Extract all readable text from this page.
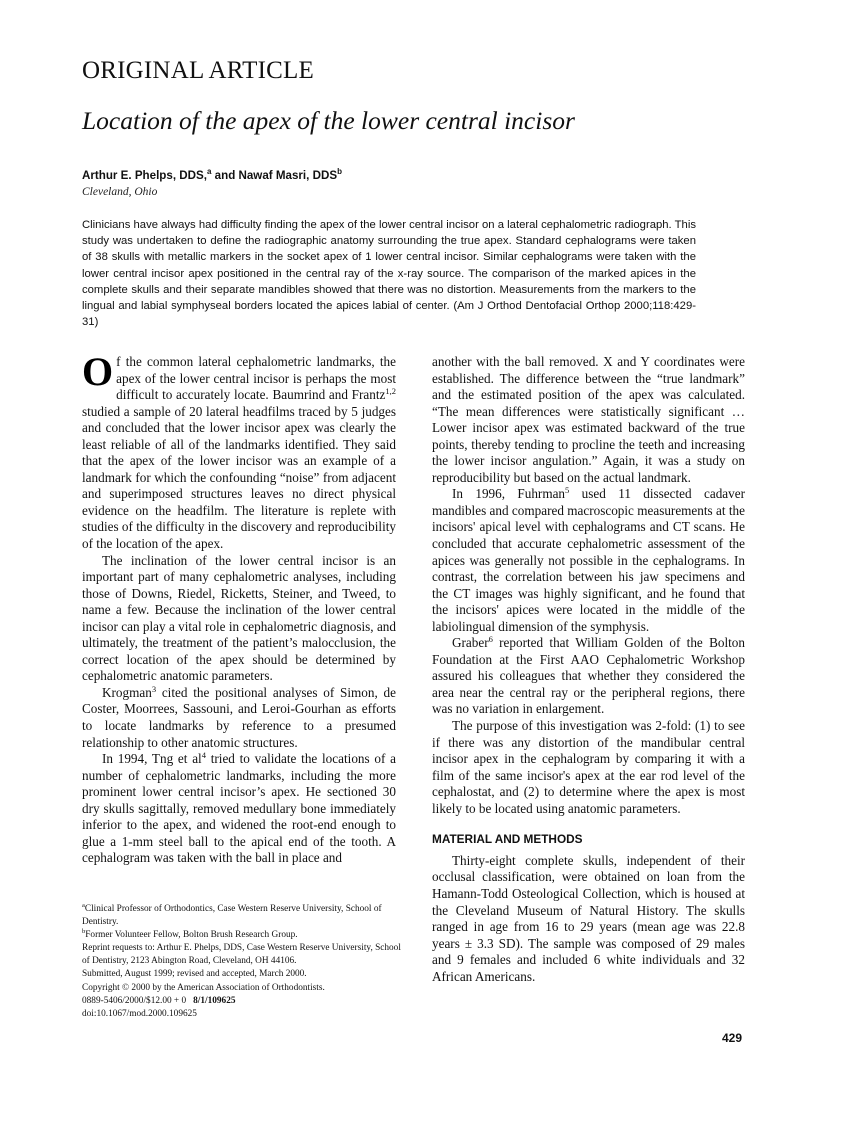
ORIGINAL ARTICLE
Location of the apex of the lower central incisor
Arthur E. Phelps, DDS,$^a$ and Nawaf Masri, DDS$^b$
Cleveland, Ohio
Clinicians have always had difficulty finding the apex of the lower central incisor on a lateral cephalometric radiograph. This study was undertaken to define the radiographic anatomy surrounding the true apex. Standard cephalograms were taken of 38 skulls with metallic markers in the socket apex of 1 lower central incisor. Similar cephalograms were taken with the lower central incisor apex positioned in the central ray of the x-ray source. The comparison of the marked apices in the complete skulls and their separate mandibles showed that there was no distortion. Measurements from the markers to the lingual and labial symphyseal borders located the apices labial of center. (Am J Orthod Dentofacial Orthop 2000;118:429-31)

Of the common lateral cephalometric landmarks, the apex of the lower central incisor is perhaps the most difficult to accurately locate. Baumrind and Frantz$^{1,2}$ studied a sample of 20 lateral headfilms traced by 5 judges and concluded that the lower incisor apex was clearly the least reliable of all of the landmarks identified. They said that the apex of the lower incisor was an example of a landmark for which the confounding “noise” from adjacent and superimposed structures leaves no direct physical evidence on the headfilm. The literature is replete with studies of the difficulty in the discovery and reproducibility of the location of the apex.

The inclination of the lower central incisor is an important part of many cephalometric analyses, including those of Downs, Riedel, Ricketts, Steiner, and Tweed, to name a few. Because the inclination of the lower central incisor can play a vital role in cephalometric diagnosis, and ultimately, the treatment of the patient’s malocclusion, the correct location of the apex should be determined by cephalometric anatomic parameters.

Krogman$^3$ cited the positional analyses of Simon, de Coster, Moorrees, Sassouni, and Leroi-Gourhan as efforts to locate landmarks by reference to a presumed relationship to other anatomic structures.

In 1994, Tng et al$^4$ tried to validate the locations of a number of cephalometric landmarks, including the more prominent lower central incisor’s apex. He sectioned 30 dry skulls sagittally, removed medullary bone immediately inferior to the apex, and widened the root-end enough to glue a 1-mm steel ball to the apical end of the tooth. A cephalogram was taken with the ball in place and

another with the ball removed. X and Y coordinates were established. The difference between the “true landmark” and the estimated position of the apex was calculated. “The mean differences were statistically significant … Lower incisor apex was estimated backward of the true points, thereby tending to procline the teeth and increasing the lower incisor angulation.” Again, it was a study on reproducibility but based on the actual landmark.

In 1996, Fuhrman$^5$ used 11 dissected cadaver mandibles and compared macroscopic measurements at the incisors' apical level with cephalograms and CT scans. He concluded that accurate cephalometric assessment of the apices was generally not possible in the cephalograms. In contrast, the correlation between his jaw specimens and the CT images was highly significant, and he found that the incisors' apices were located in the middle of the labiolingual dimension of the symphysis.

Graber$^6$ reported that William Golden of the Bolton Foundation at the First AAO Cephalometric Workshop assured his colleagues that whether they considered the area near the central ray or the peripheral regions, there was no variation in enlargement.

The purpose of this investigation was 2-fold: (1) to see if there was any distortion of the mandibular central incisor apex in the cephalogram by comparing it with a film of the same incisor's apex at the ear rod level of the cephalostat, and (2) to determine where the apex is most likely to be located using anatomic parameters.

MATERIAL AND METHODS

Thirty-eight complete skulls, independent of their occlusal classification, were obtained on loan from the Hamann-Todd Osteological Collection, which is housed at the Cleveland Museum of Natural History. The skulls ranged in age from 16 to 29 years (mean age was 22.8 years ± 3.3 SD). The sample was composed of 29 males and 9 females and included 6 white individuals and 32 African Americans.

$^a$Clinical Professor of Orthodontics, Case Western Reserve University, School of Dentistry.
$^b$Former Volunteer Fellow, Bolton Brush Research Group.
Reprint requests to: Arthur E. Phelps, DDS, Case Western Reserve University, School of Dentistry, 2123 Abington Road, Cleveland, OH 44106.
Submitted, August 1999; revised and accepted, March 2000.
Copyright © 2000 by the American Association of Orthodontists.
0889-5406/2000/$12.00 + 0 8/1/109625
doi:10.1067/mod.2000.109625
429
